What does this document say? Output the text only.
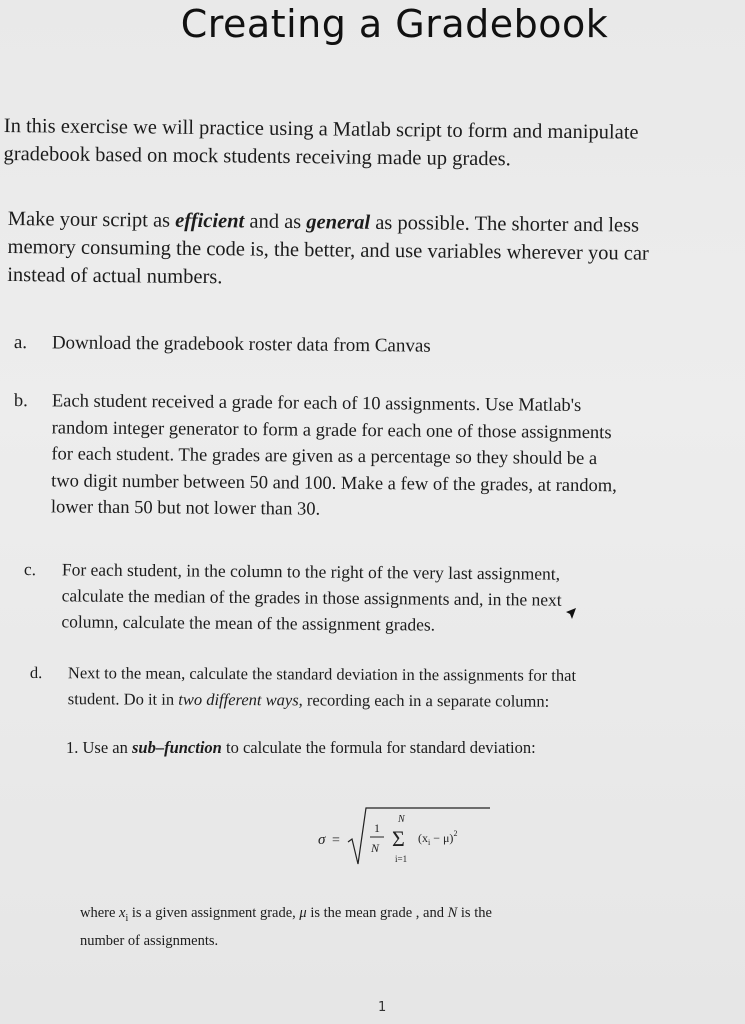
Creating a Gradebook
In this exercise we will practice using a Matlab script to form and manipulate
gradebook based on mock students receiving made up grades.
Make your script as efficient and as general as possible. The shorter and less
memory consuming the code is, the better, and use variables wherever you car
instead of actual numbers.
a. Download the gradebook roster data from Canvas
b. Each student received a grade for each of 10 assignments. Use Matlab's
random integer generator to form a grade for each one of those assignments
for each student. The grades are given as a percentage so they should be a
two digit number between 50 and 100. Make a few of the grades, at random,
lower than 50 but not lower than 30.
c. For each student, in the column to the right of the very last assignment,
calculate the median of the grades in those assignments and, in the next
column, calculate the mean of the assignment grades.
d. Next to the mean, calculate the standard deviation in the assignments for that
student. Do it in two different ways, recording each in a separate column:
1. Use an sub–function to calculate the formula for standard deviation:
σ =
1
N
N
Σ
i=1
$(x_i - \mu)^2$
where $x_i$ is a given assignment grade, μ is the mean grade , and N is the
number of assignments.
1
